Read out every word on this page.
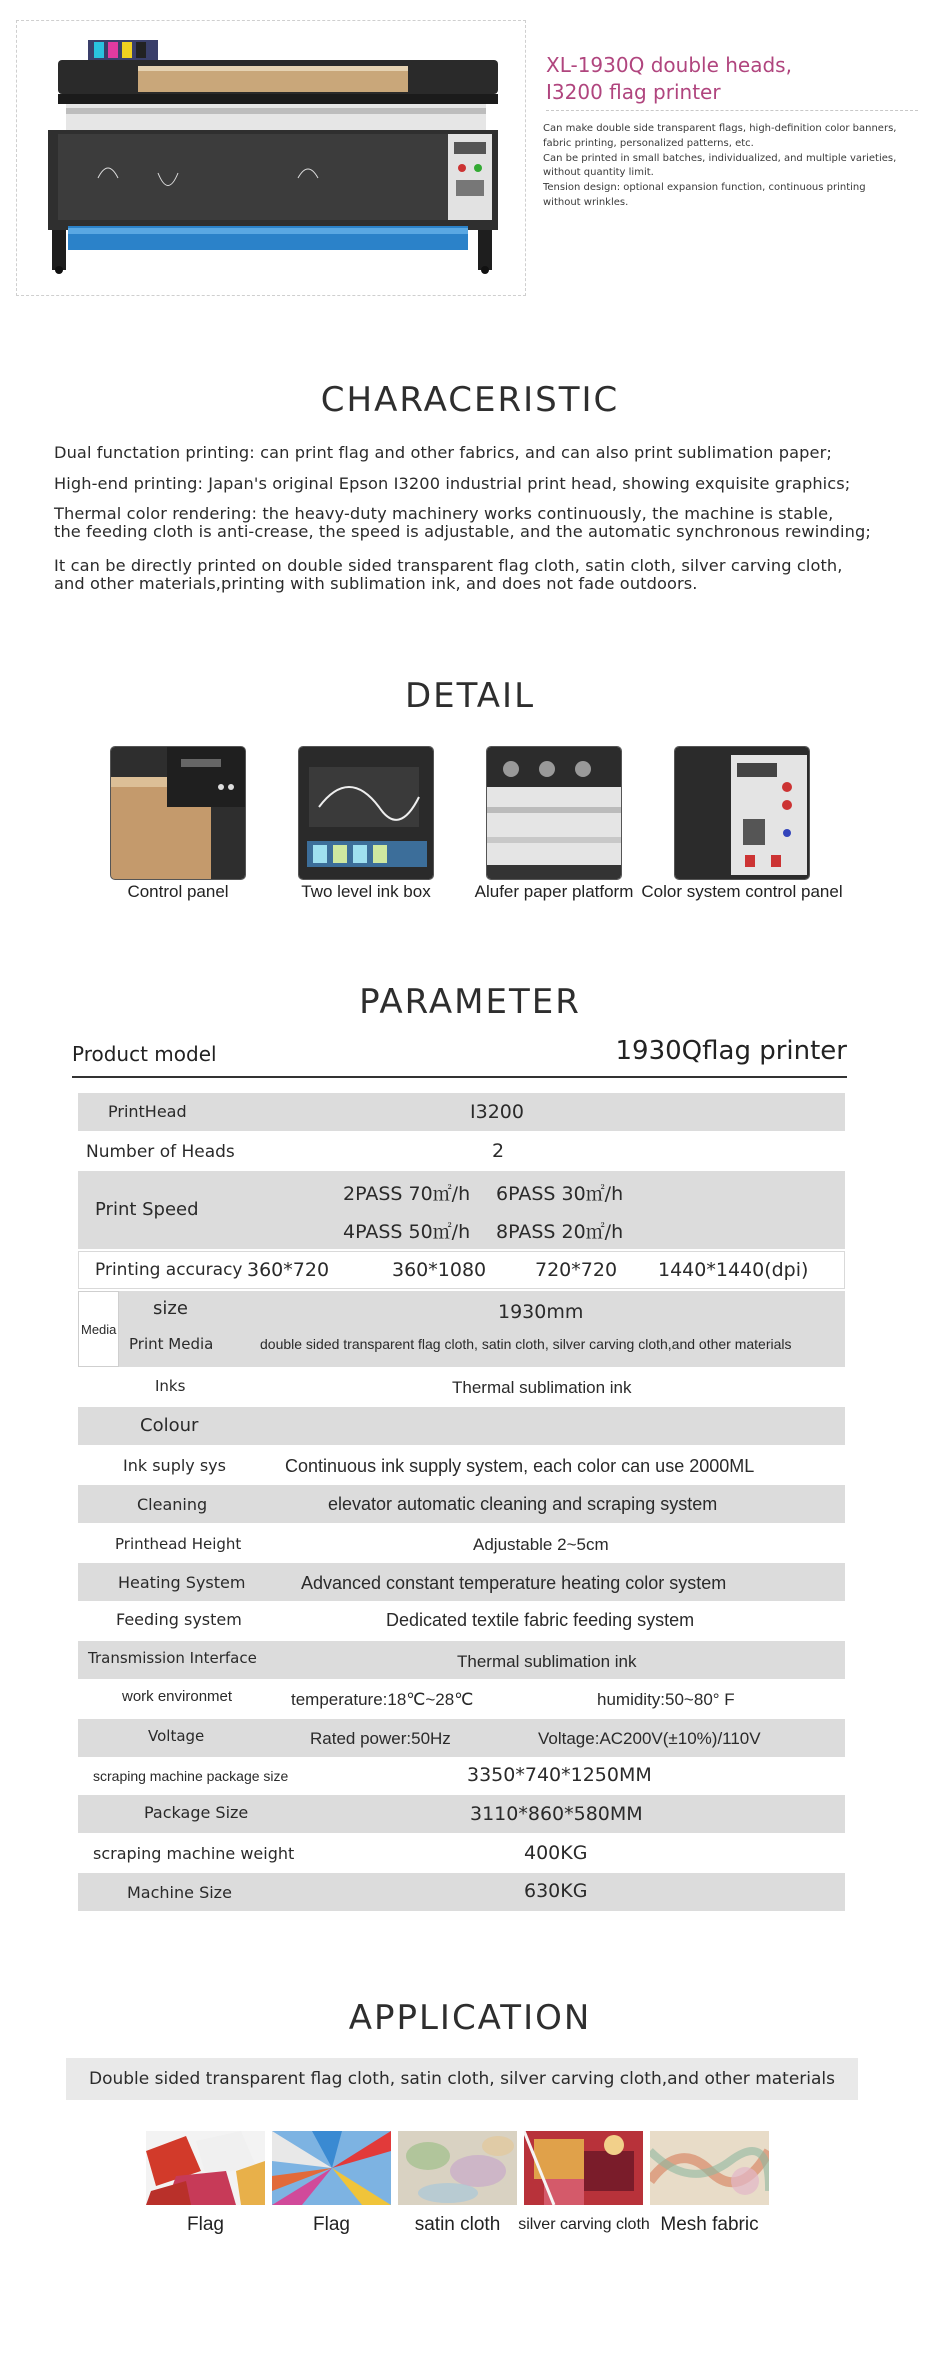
XL-1930Q double heads,
I3200 flag printer
Can make double side transparent flags, high-definition color banners,
fabric printing, personalized patterns, etc.
Can be printed in small batches, individualized, and multiple varieties,
without quantity limit.
Tension design: optional expansion function, continuous printing
without wrinkles.
CHARACERISTIC
Dual functation printing: can print flag and other fabrics, and can also print sublimation paper;
High-end printing: Japan's original Epson I3200 industrial print head, showing exquisite graphics;
Thermal color rendering: the heavy-duty machinery works continuously, the machine is stable,
the feeding cloth is anti-crease, the speed is adjustable, and the automatic synchronous rewinding;
It can be directly printed on double sided transparent flag cloth, satin cloth, silver carving cloth,
and other materials,printing with sublimation ink, and does not fade outdoors.
DETAIL
Control panel	Two level ink box	Alufer paper platform Color system control panel
PARAMETER
Product model	1930Qflag printer
PrintHead	I3200
Number of Heads	2
Print Speed
2PASS 70㎡/h 6PASS 30㎡/h
4PASS 50㎡/h 8PASS 20㎡/h
Printing accuracy 360*720	360*1080	720*720 1440*1440(dpi)
Media
size	1930mm
Print Media	double sided transparent flag cloth, satin cloth, silver carving cloth,and other materials
Inks	Thermal sublimation ink
Colour
Ink suply sys	Continuous ink supply system, each color can use 2000ML
Cleaning	elevator automatic cleaning and scraping system
Printhead Height	Adjustable 2~5cm
Heating System	Advanced constant temperature heating color system
Feeding system	Dedicated textile fabric feeding system
Transmission Interface	Thermal sublimation ink
work environmet	temperature:18℃~28℃	humidity:50~80° F
Voltage	Rated power:50Hz	Voltage:AC200V(±10%)/110V
scraping machine package size	3350*740*1250MM
Package Size	3110*860*580MM
scraping machine weight	400KG
Machine Size	630KG
APPLICATION
Double sided transparent flag cloth, satin cloth, silver carving cloth,and other materials
Flag	Flag	satin cloth	silver carving cloth Mesh fabric
